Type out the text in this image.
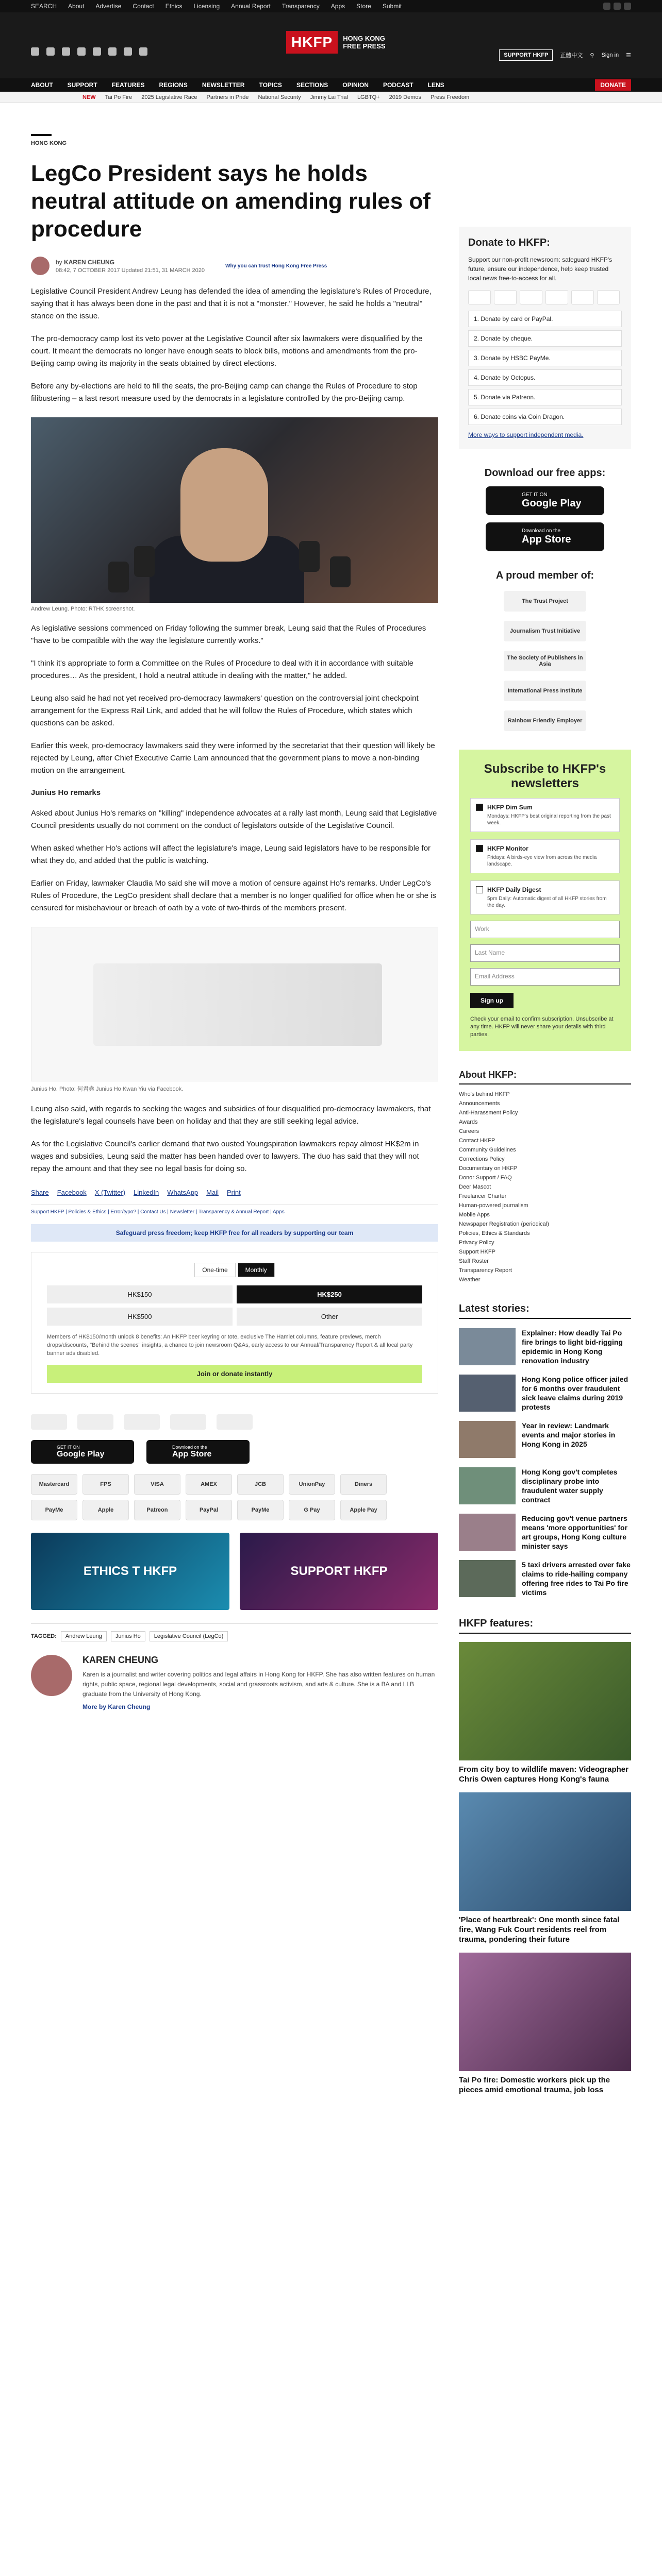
SEARCH About Advertise Contact Ethics Licensing Annual Report Transparency Apps Store Submit
HKFP	HONG KONG FREE PRESS
SUPPORT HKFP	正體中文 ⚲ Sign in ☰
ABOUT SUPPORT FEATURES REGIONS NEWSLETTER TOPICS SECTIONS OPINION PODCAST LENS	DONATE
NEW Tai Po Fire 2025 Legislative Race Partners in Pride National Security Jimmy Lai Trial LGBTQ+ 2019 Demos Press Freedom
HONG KONG
LegCo President says he holds neutral attitude on amending rules of procedure
by KAREN CHEUNG
08:42, 7 OCTOBER 2017 Updated 21:51, 31 MARCH 2020
Why you can trust Hong Kong Free Press

Legislative Council President Andrew Leung has defended the idea of amending the legislature's Rules of Procedure, saying that it has always been done in the past and that it is not a "monster." However, he said he holds a "neutral" stance on the issue.

The pro-democracy camp lost its veto power at the Legislative Council after six lawmakers were disqualified by the court. It meant the democrats no longer have enough seats to block bills, motions and amendments from the pro-Beijing camp owing its majority in the seats obtained by direct elections.

Before any by-elections are held to fill the seats, the pro-Beijing camp can change the Rules of Procedure to stop filibustering – a last resort measure used by the democrats in a legislature controlled by the pro-Beijing camp.

Andrew Leung. Photo: RTHK screenshot.

As legislative sessions commenced on Friday following the summer break, Leung said that the Rules of Procedures "have to be compatible with the way the legislature currently works."

"I think it's appropriate to form a Committee on the Rules of Procedure to deal with it in accordance with suitable procedures… As the president, I hold a neutral attitude in dealing with the matter," he added.

Leung also said he had not yet received pro-democracy lawmakers' question on the controversial joint checkpoint arrangement for the Express Rail Link, and added that he will follow the Rules of Procedure, which states which questions can be asked.

Earlier this week, pro-democracy lawmakers said they were informed by the secretariat that their question will likely be rejected by Leung, after Chief Executive Carrie Lam announced that the government plans to move a non-binding motion on the arrangement.

Junius Ho remarks

Asked about Junius Ho's remarks on "killing" independence advocates at a rally last month, Leung said that Legislative Council presidents usually do not comment on the conduct of legislators outside of the Legislative Council.

When asked whether Ho's actions will affect the legislature's image, Leung said legislators have to be responsible for what they do, and added that the public is watching.

Earlier on Friday, lawmaker Claudia Mo said she will move a motion of censure against Ho's remarks. Under LegCo's Rules of Procedure, the LegCo president shall declare that a member is no longer qualified for office when he or she is censured for misbehaviour or breach of oath by a vote of two-thirds of the members present.

Junius Ho. Photo: 何君堯 Junius Ho Kwan Yiu via Facebook.

Leung also said, with regards to seeking the wages and subsidies of four disqualified pro-democracy lawmakers, that the legislature's legal counsels have been on holiday and that they are still seeking legal advice.

As for the Legislative Council's earlier demand that two ousted Youngspiration lawmakers repay almost HK$2m in wages and subsidies, Leung said the matter has been handed over to lawyers. The duo has said that they will not repay the amount and that they see no legal basis for doing so.

Share Facebook X (Twitter) LinkedIn WhatsApp Mail Print
Support HKFP | Policies & Ethics | Error/typo? | Contact Us | Newsletter | Transparency & Annual Report | Apps
Safeguard press freedom; keep HKFP free for all readers by supporting our team
One-time	Monthly
HK$150	HK$250
HK$500	Other
Members of HK$150/month unlock 8 benefits: An HKFP beer keyring or tote, exclusive The Hamlet columns, feature previews, merch drops/discounts, "Behind the scenes" insights, a chance to join newsroom Q&As, early access to our Annual/Transparency Report & all local party banner ads disabled.
Join or donate instantly
GET IT ON
Google Play
Download on the
App Store
Mastercard	FPS	VISA	AMEX	JCB	UnionPay	Diners
PayMe	Apple	Patreon	PayPal	PayMe	G Pay	Apple Pay
ETHICS T HKFP	SUPPORT HKFP
TAGGED:	Andrew Leung	Junius Ho	Legislative Council (LegCo)
KAREN CHEUNG

Karen is a journalist and writer covering politics and legal affairs in Hong Kong for HKFP. She has also written features on human rights, public space, regional legal developments, social and grassroots activism, and arts & culture. She is a BA and LLB graduate from the University of Hong Kong.

More by Karen Cheung
Donate to HKFP:

Support our non-profit newsroom: safeguard HKFP's future, ensure our independence, help keep trusted local news free-to-access for all.

1. Donate by card or PayPal.
2. Donate by cheque.
3. Donate by HSBC PayMe.
4. Donate by Octopus.
5. Donate via Patreon.
6. Donate coins via Coin Dragon.
More ways to support independent media.
Download our free apps:
GET IT ON
Google Play
Download on the
App Store
A proud member of:
The Trust Project
Journalism Trust Initiative
The Society of Publishers in Asia
International Press Institute
Rainbow Friendly Employer
Subscribe to HKFP's newsletters
HKFP Dim Sum
Mondays: HKFP's best original reporting from the past week.
HKFP Monitor
Fridays: A birds-eye view from across the media landscape.
HKFP Daily Digest
5pm Daily: Automatic digest of all HKFP stories from the day.
Work
Last Name
Email Address
Sign up
Check your email to confirm subscription. Unsubscribe at any time. HKFP will never share your details with third parties.
About HKFP:
Who's behind HKFP
Announcements
Anti-Harassment Policy
Awards
Careers
Contact HKFP
Community Guidelines
Corrections Policy
Documentary on HKFP
Donor Support / FAQ
Deer Mascot
Freelancer Charter
Human-powered journalism
Mobile Apps
Newspaper Registration (periodical)
Policies, Ethics & Standards
Privacy Policy
Support HKFP
Staff Roster
Transparency Report
Weather
Latest stories:
Explainer: How deadly Tai Po fire brings to light bid-rigging epidemic in Hong Kong renovation industry
Hong Kong police officer jailed for 6 months over fraudulent sick leave claims during 2019 protests
Year in review: Landmark events and major stories in Hong Kong in 2025
Hong Kong gov't completes disciplinary probe into fraudulent water supply contract
Reducing gov't venue partners means 'more opportunities' for art groups, Hong Kong culture minister says
5 taxi drivers arrested over fake claims to ride-hailing company offering free rides to Tai Po fire victims
HKFP features:
From city boy to wildlife maven: Videographer Chris Owen captures Hong Kong's fauna
'Place of heartbreak': One month since fatal fire, Wang Fuk Court residents reel from trauma, pondering their future
Tai Po fire: Domestic workers pick up the pieces amid emotional trauma, job loss
